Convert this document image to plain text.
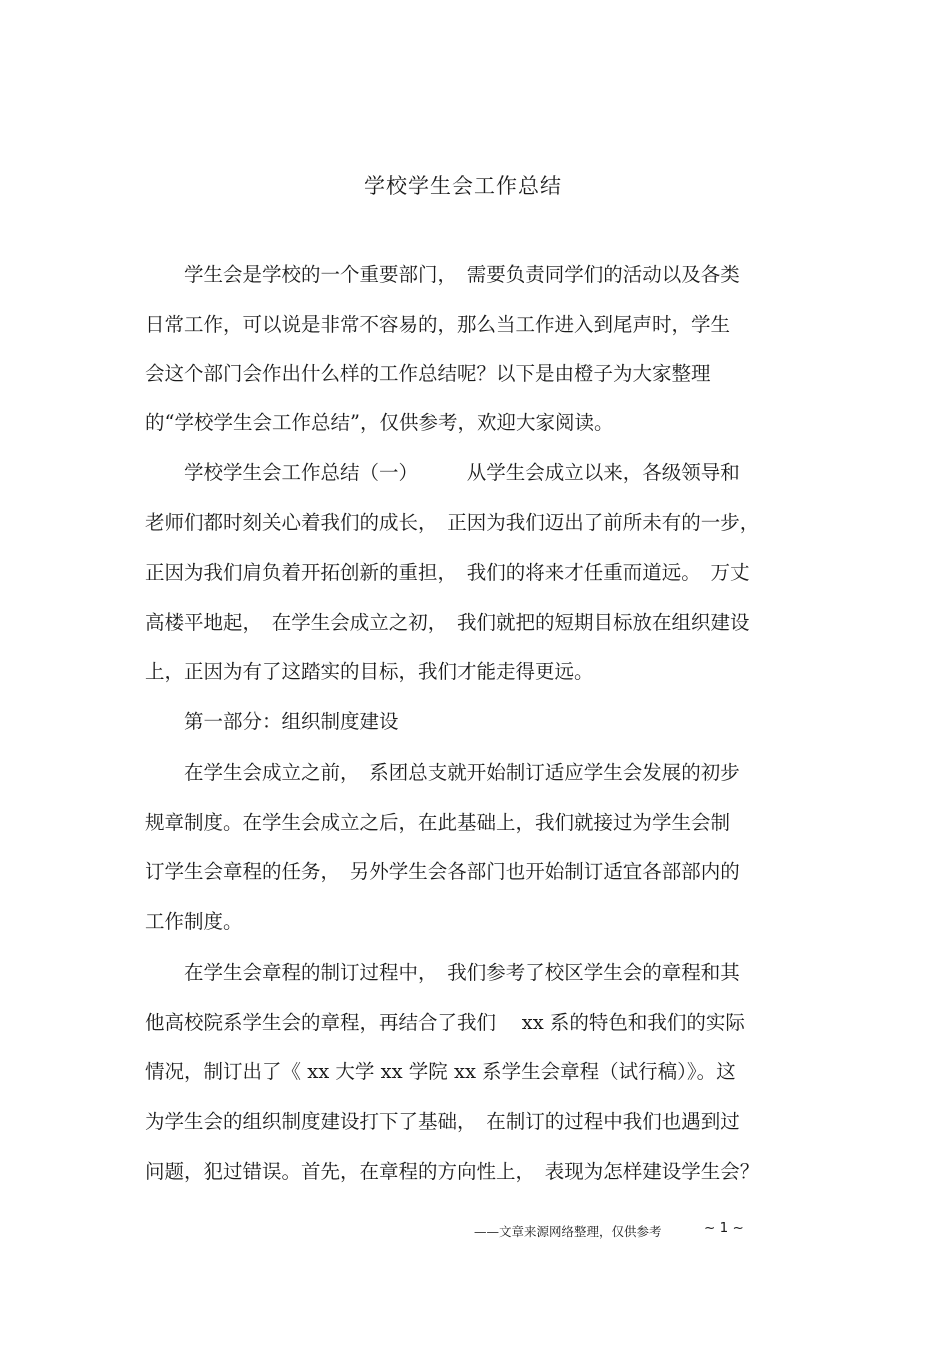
学校学生会工作总结

　　学生会是学校的一个重要部门，　需要负责同学们的活动以及各类

日常工作，可以说是非常不容易的，那么当工作进入到尾声时，学生

会这个部门会作出什么样的工作总结呢？以下是由橙子为大家整理

的“学校学生会工作总结”，仅供参考，欢迎大家阅读。

　　学校学生会工作总结（一）　　　从学生会成立以来，各级领导和

老师们都时刻关心着我们的成长，　正因为我们迈出了前所未有的一步，

正因为我们肩负着开拓创新的重担，　我们的将来才任重而道远。　万丈

高楼平地起，　在学生会成立之初，　我们就把的短期目标放在组织建设

上，正因为有了这踏实的目标，我们才能走得更远。

　　第一部分：组织制度建设

　　在学生会成立之前，　系团总支就开始制订适应学生会发展的初步

规章制度。在学生会成立之后，在此基础上，我们就接过为学生会制

订学生会章程的任务，　另外学生会各部门也开始制订适宜各部部内的

工作制度。

　　在学生会章程的制订过程中，　我们参考了校区学生会的章程和其

他高校院系学生会的章程，再结合了我们　 xx 系的特色和我们的实际

情况，制订出了《 xx 大学 xx 学院 xx 系学生会章程（试行稿）》。这

为学生会的组织制度建设打下了基础，　在制订的过程中我们也遇到过

问题，犯过错误。首先，在章程的方向性上，　表现为怎样建设学生会？

——文章来源网络整理，仅供参考	~ 1 ~
